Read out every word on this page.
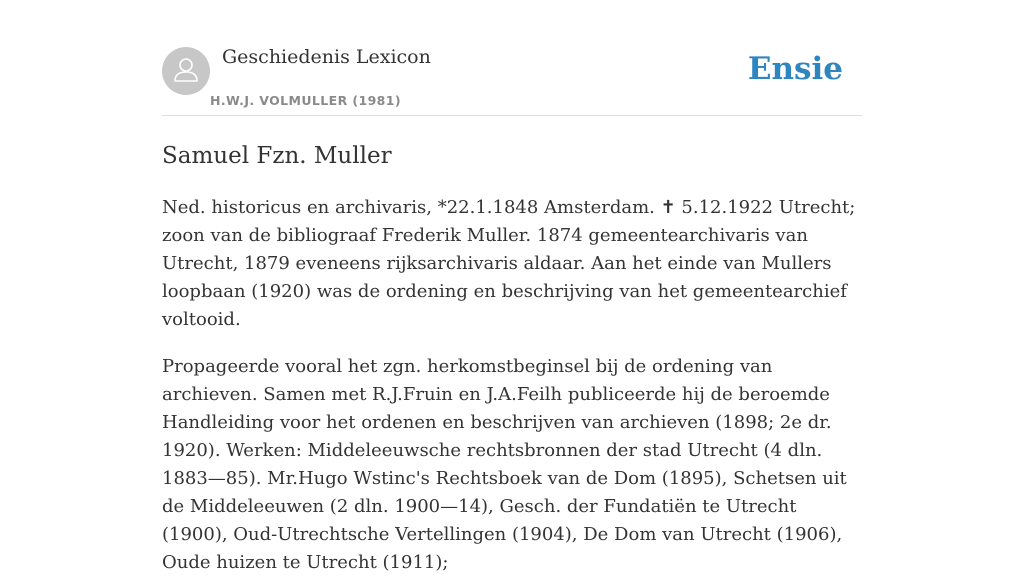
Geschiedenis Lexicon
H.W.J. VOLMULLER (1981)
Ensie
Samuel Fzn. Muller

Ned. historicus en archivaris, *22.1.1848 Amsterdam. ✝ 5.12.1922 Utrecht; zoon van de bibliograaf Frederik Muller. 1874 gemeentearchivaris van Utrecht, 1879 eveneens rijksarchivaris aldaar. Aan het einde van Mullers loopbaan (1920) was de ordening en beschrijving van het gemeentearchief voltooid.

Propageerde vooral het zgn. herkomstbeginsel bij de ordening van archieven. Samen met R.J.Fruin en J.A.Feilh publiceerde hij de beroemde Handleiding voor het ordenen en beschrijven van archieven (1898; 2e dr. 1920). Werken: Middeleeuwsche rechtsbronnen der stad Utrecht (4 dln. 1883—85). Mr.Hugo Wstinc's Rechtsboek van de Dom (1895), Schetsen uit de Middeleeuwen (2 dln. 1900—14), Gesch. der Fundatiën te Utrecht (1900), Oud-Utrechtsche Vertellingen (1904), De Dom van Utrecht (1906), Oude huizen te Utrecht (1911);
